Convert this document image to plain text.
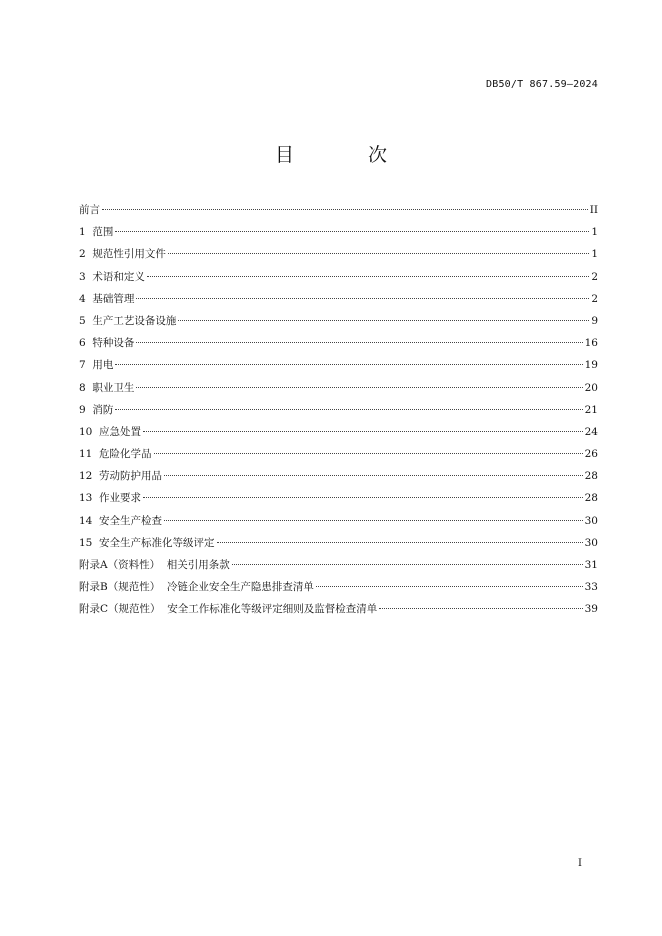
DB50/T 867.59—2024
目 次
前言	II
1  范围	1
2  规范性引用文件	1
3  术语和定义	2
4  基础管理	2
5  生产工艺设备设施	9
6  特种设备	16
7  用电	19
8  职业卫生	20
9  消防	21
10  应急处置	24
11  危险化学品	26
12  劳动防护用品	28
13  作业要求	28
14  安全生产检查	30
15  安全生产标准化等级评定	30
附录A（资料性）  相关引用条款	31
附录B（规范性）  冷链企业安全生产隐患排查清单	33
附录C（规范性）  安全工作标准化等级评定细则及监督检查清单	39
I
